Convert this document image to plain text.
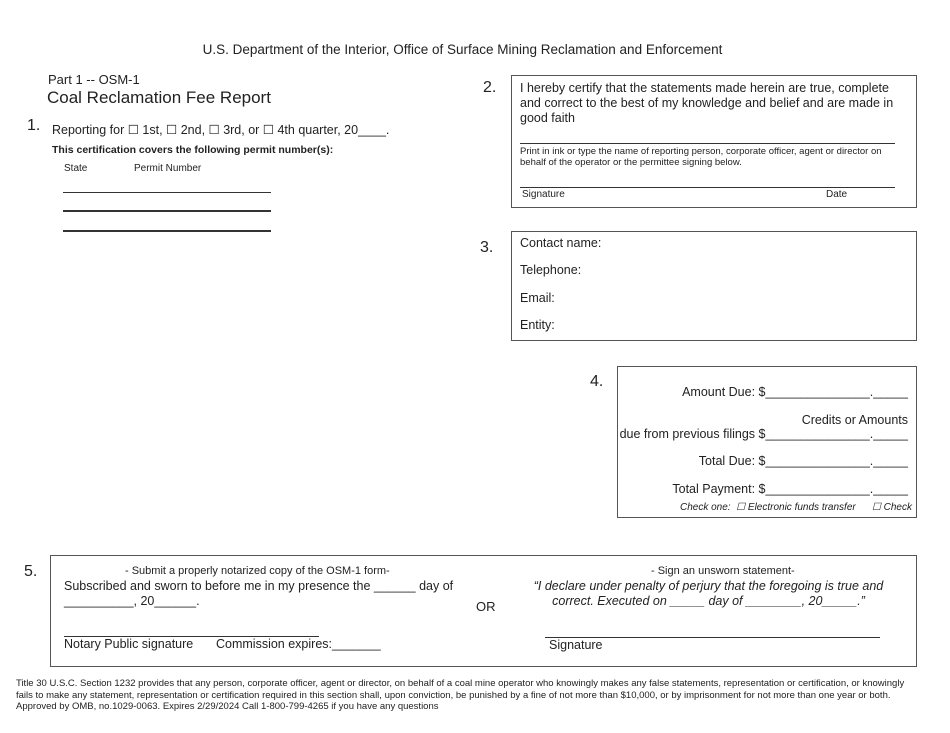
U.S. Department of the Interior, Office of Surface Mining Reclamation and Enforcement
Part 1 -- OSM-1
Coal Reclamation Fee Report
1. Reporting for ☐ 1st, ☐ 2nd, ☐ 3rd, or ☐ 4th quarter, 20____.
This certification covers the following permit number(s):
State	Permit Number
2. I hereby certify that the statements made herein are true, complete and correct to the best of my knowledge and belief and are made in good faith
Print in ink or type the name of reporting person, corporate officer, agent or director on behalf of the operator or the permittee signing below.
Signature	Date
3. Contact name:
Telephone:
Email:
Entity:
4.
Amount Due: $_______________._____
Credits or Amounts
due from previous filings $_______________._____
Total Due: $_______________._____
Total Payment: $_______________._____
Check one: ☐ Electronic funds transfer ☐ Check
5.	- Submit a properly notarized copy of the OSM-1 form-
Subscribed and sworn to before me in my presence the ______ day of __________, 20______.	OR
- Sign an unsworn statement-
“I declare under penalty of perjury that the foregoing is true and correct. Executed on _____ day of ________, 20_____.”
Notary Public signature Commission expires:_______	Signature
Title 30 U.S.C. Section 1232 provides that any person, corporate officer, agent or director, on behalf of a coal mine operator who knowingly makes any false statements, representation or certification, or knowingly fails to make any statement, representation or certification required in this section shall, upon conviction, be punished by a fine of not more than $10,000, or by imprisonment for not more than one year or both. Approved by OMB, no.1029-0063. Expires 2/29/2024 Call 1-800-799-4265 if you have any questions
